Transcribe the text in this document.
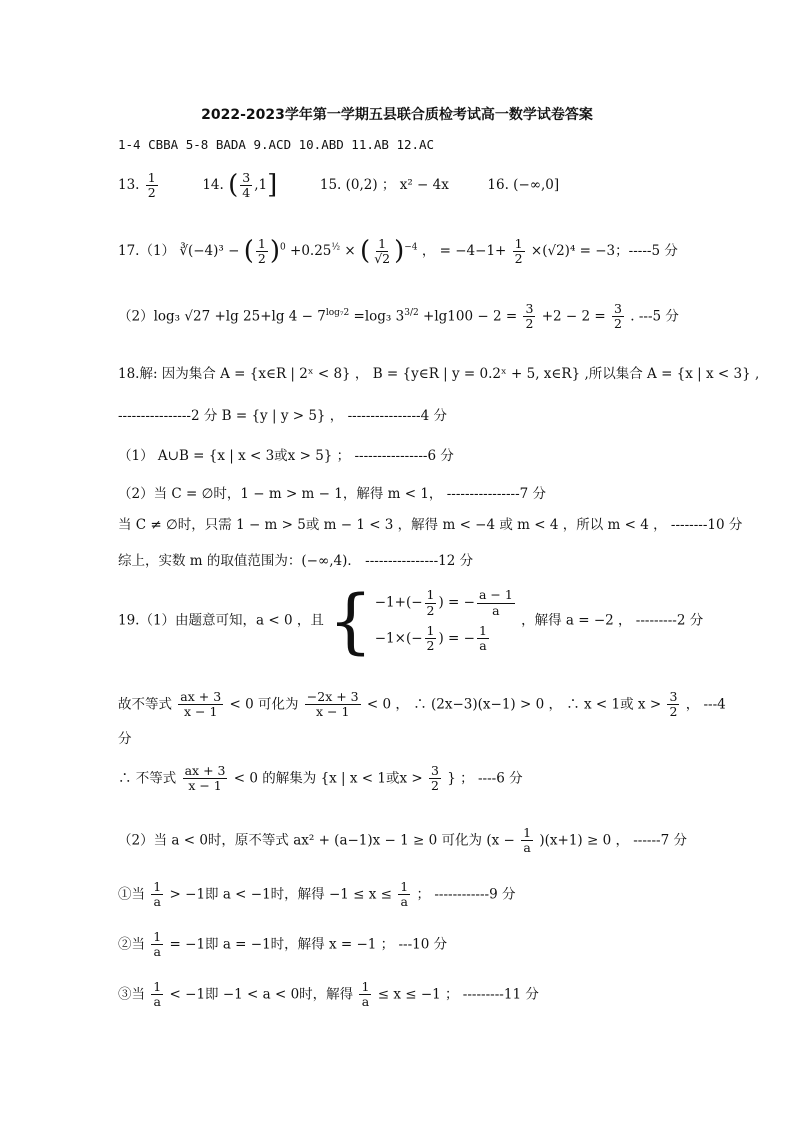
2022-2023学年第一学期五县联合质检考试高一数学试卷答案
1-4 CBBA 5-8 BADA 9.ACD 10.ABD 11.AB 12.AC
13. $\frac{1}{2}$	14. ( $\frac{3}{4} ,1$]	15. (0,2) ； x² − 4x	16. (−∞,0]
17.（1） ∛(−4)³ − ( $\frac{1}{2} )^0 +0.25^{\frac{1}{2}}$ × ( $\frac{1}{√2} )^{-4}$ ， = $-4-1+ \frac{1}{2} \times(√2)^4 = -3$；-----5 分
（2）log₃ √27 +lg 25+lg $4 - 7^{log_72} =\log_3$ $3^{3/2} +\lg 100 - 2 = \frac{3}{2} +2 - 2 = \frac{3}{2}$ . ---5 分
18.解: 因为集合 A = {x∈R | 2ˣ < 8} ， B = {y∈R | y = 0.2ˣ + 5, x∈R} ,所以集合 A = {x | x < 3} ,
----------------2 分 B = {y | y > 5} ， ----------------4 分
（1） A∪B = {x | x < 3或x > 5} ； ----------------6 分
（2）当 C = ∅时，1 − m > m − 1，解得 m < 1， ----------------7 分
当 C ≠ ∅时，只需 1 − m > 5或 m − 1 < 3 ，解得 m < −4 或 m < 4 ，所以 m < 4 ， --------10 分
综上，实数 m 的取值范围为：(−∞,4)． ----------------12 分
19.（1）由题意可知，a < 0 ，且 { $-1+(- \frac{1}{2}$ ) = − $\frac{a - 1}{a}$
$-1\times(- \frac{1}{2}$ ) = − $\frac{1}{a}$
，解得 a = −2 ， ---------2 分
故不等式 $\frac{ax + 3}{x - 1} < 0$ 可化为 $\frac{-2x + 3}{x - 1} < 0$ ， ∴ (2x−3)(x−1) > 0 ， ∴ x < 1或 $x > \frac{3}{2}$ ， ---4
分
∴ 不等式 $\frac{ax + 3}{x - 1} < 0$ 的解集为 {x | x < 1或$x > \frac{3}{2}$ } ； ----6 分
（2）当 a < 0时，原不等式 ax² + (a−1)x − 1 ≥ 0 可化为 $(x - \frac{1}{a} )(x+1) \ge 0$ ， ------7 分
①当 $\frac{1}{a} > -1$即 a < −1时，解得 $-1 \le x \le \frac{1}{a}$ ； ------------9 分
②当 $\frac{1}{a} = -1$即 a = −1时，解得 x = −1 ； ---10 分
③当 $\frac{1}{a} < -1$即 −1 < a < 0时，解得 $\frac{1}{a} \le x \le -1$ ； ---------11 分
